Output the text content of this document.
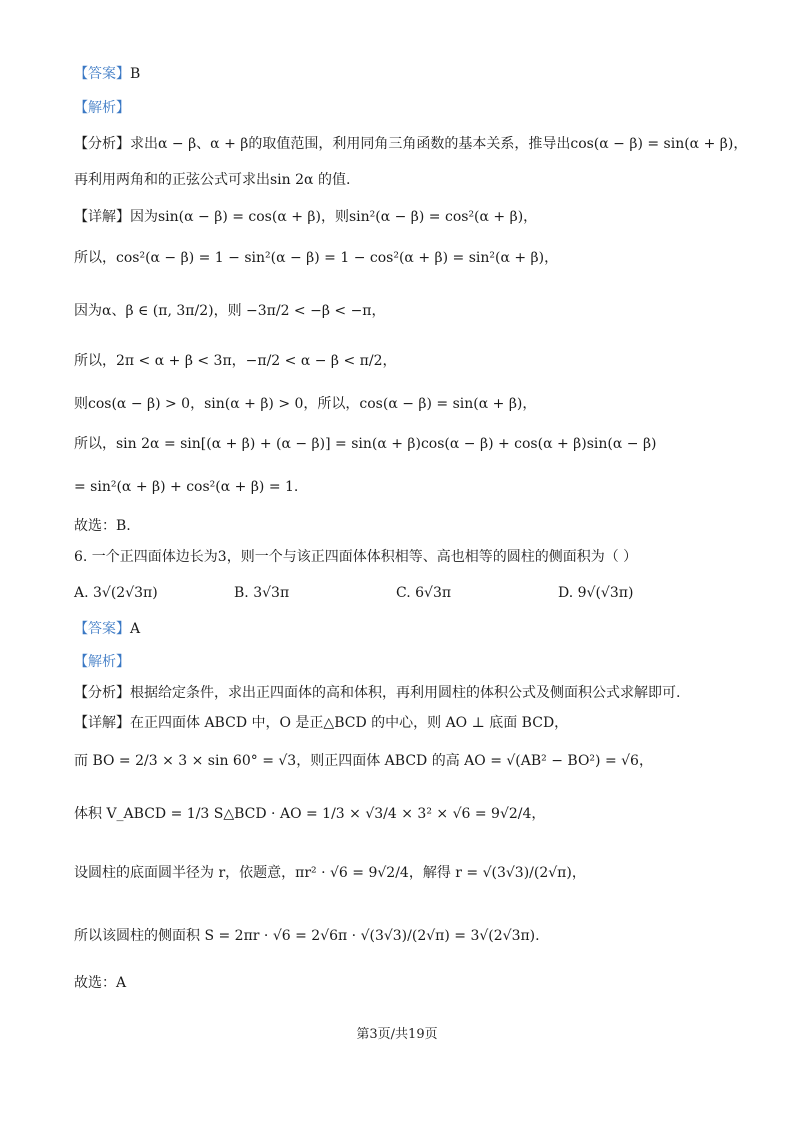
【答案】B
【解析】
【分析】求出α − β、α + β的取值范围，利用同角三角函数的基本关系，推导出cos(α − β) = sin(α + β)，
再利用两角和的正弦公式可求出sin 2α 的值.
【详解】因为sin(α − β) = cos(α + β)，则sin²(α − β) = cos²(α + β)，
所以，cos²(α − β) = 1 − sin²(α − β) = 1 − cos²(α + β) = sin²(α + β)，
因为α、β ∈ (π, 3π/2)，则 −3π/2 < −β < −π，
所以，2π < α + β < 3π，−π/2 < α − β < π/2，
则cos(α − β) > 0，sin(α + β) > 0，所以，cos(α − β) = sin(α + β)，
所以，sin 2α = sin[(α + β) + (α − β)] = sin(α + β)cos(α − β) + cos(α + β)sin(α − β)
= sin²(α + β) + cos²(α + β) = 1.
故选：B.
6. 一个正四面体边长为3，则一个与该正四面体体积相等、高也相等的圆柱的侧面积为（ ）
A. 3√(2√3π)	B. 3√3π	C. 6√3π	D. 9√(√3π)
【答案】A
【解析】
【分析】根据给定条件，求出正四面体的高和体积，再利用圆柱的体积公式及侧面积公式求解即可.
【详解】在正四面体 ABCD 中，O 是正△BCD 的中心，则 AO ⊥ 底面 BCD，
而 BO = 2/3 × 3 × sin 60° = √3，则正四面体 ABCD 的高 AO = √(AB² − BO²) = √6，
体积 V_ABCD = 1/3 S△BCD · AO = 1/3 × √3/4 × 3² × √6 = 9√2/4，
设圆柱的底面圆半径为 r，依题意，πr² · √6 = 9√2/4，解得 r = √(3√3)/(2√π)，
所以该圆柱的侧面积 S = 2πr · √6 = 2√6π · √(3√3)/(2√π) = 3√(2√3π).
故选：A
第3页/共19页
